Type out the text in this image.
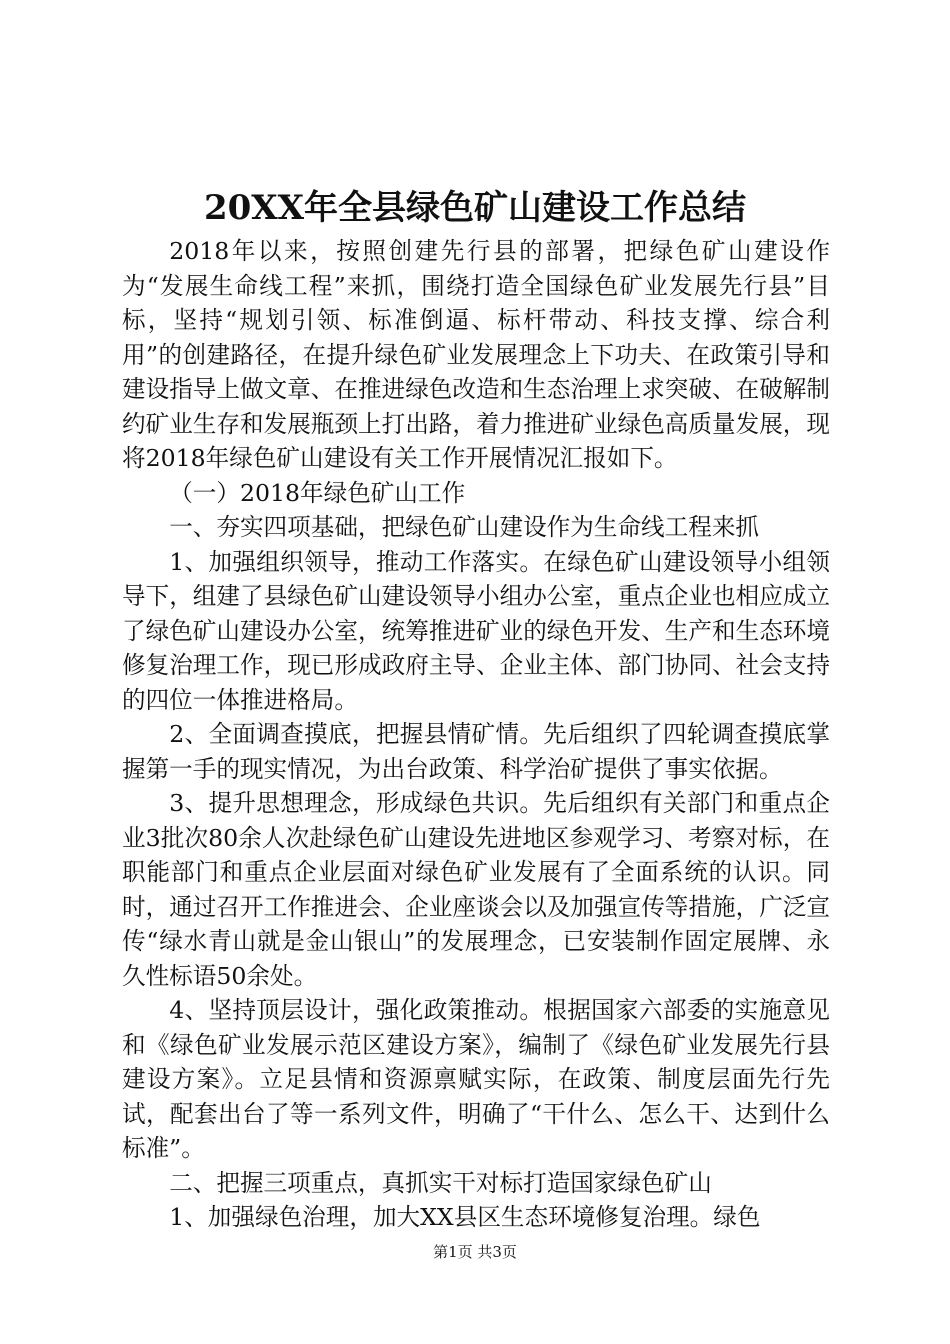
20XX年全县绿色矿山建设工作总结

2018年以来，按照创建先行县的部署，把绿色矿山建设作为“发展生命线工程”来抓，围绕打造全国绿色矿业发展先行县”目标，坚持“规划引领、标准倒逼、标杆带动、科技支撑、综合利用”的创建路径，在提升绿色矿业发展理念上下功夫、在政策引导和建设指导上做文章、在推进绿色改造和生态治理上求突破、在破解制约矿业生存和发展瓶颈上打出路，着力推进矿业绿色高质量发展，现将2018年绿色矿山建设有关工作开展情况汇报如下。

（一）2018年绿色矿山工作

一、夯实四项基础，把绿色矿山建设作为生命线工程来抓

1、加强组织领导，推动工作落实。在绿色矿山建设领导小组领导下，组建了县绿色矿山建设领导小组办公室，重点企业也相应成立了绿色矿山建设办公室，统筹推进矿业的绿色开发、生产和生态环境修复治理工作，现已形成政府主导、企业主体、部门协同、社会支持的四位一体推进格局。

2、全面调查摸底，把握县情矿情。先后组织了四轮调查摸底掌握第一手的现实情况，为出台政策、科学治矿提供了事实依据。

3、提升思想理念，形成绿色共识。先后组织有关部门和重点企业3批次80余人次赴绿色矿山建设先进地区参观学习、考察对标，在职能部门和重点企业层面对绿色矿业发展有了全面系统的认识。同时，通过召开工作推进会、企业座谈会以及加强宣传等措施，广泛宣传“绿水青山就是金山银山”的发展理念，已安装制作固定展牌、永久性标语50余处。

4、坚持顶层设计，强化政策推动。根据国家六部委的实施意见和《绿色矿业发展示范区建设方案》，编制了《绿色矿业发展先行县建设方案》。立足县情和资源禀赋实际，在政策、制度层面先行先试，配套出台了等一系列文件，明确了“干什么、怎么干、达到什么标准”。

二、把握三项重点，真抓实干对标打造国家绿色矿山

1、加强绿色治理，加大XX县区生态环境修复治理。绿色

第1页 共3页
